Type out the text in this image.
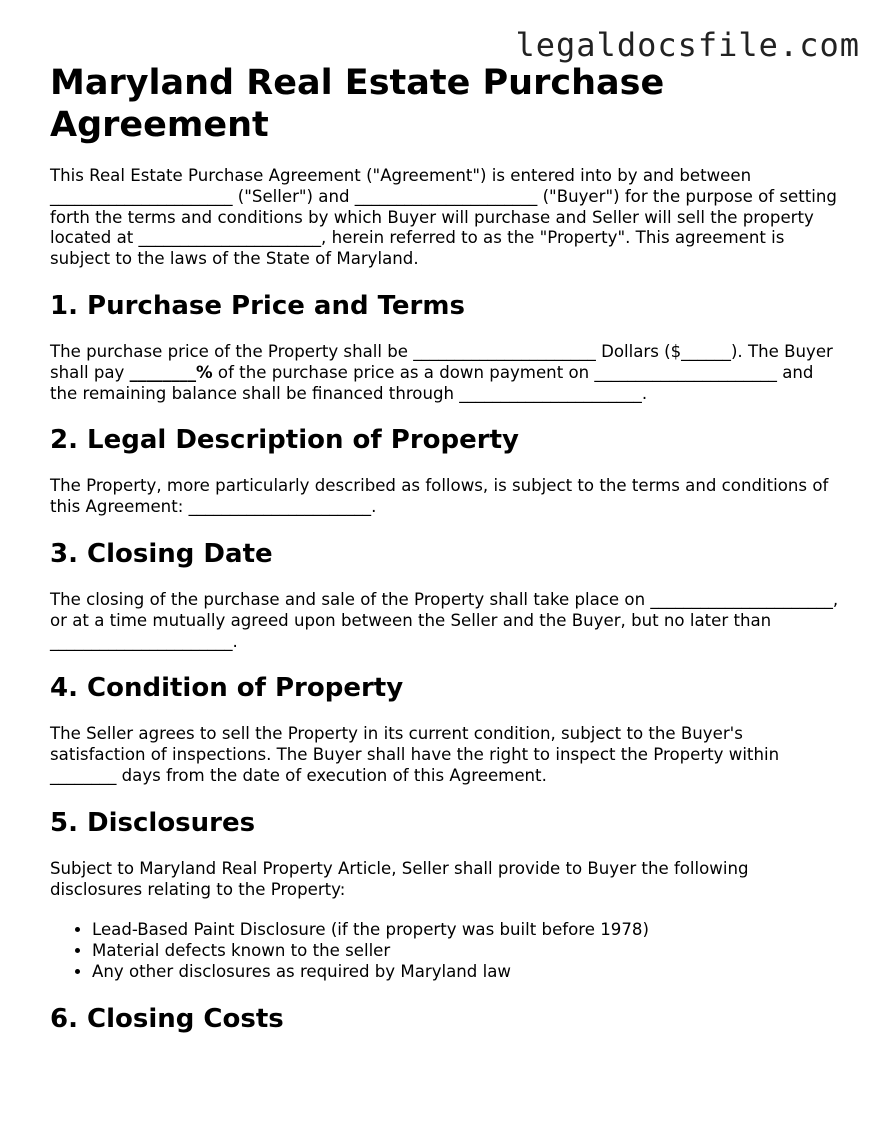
legaldocsfile.com
Maryland Real Estate Purchase Agreement

This Real Estate Purchase Agreement ("Agreement") is entered into by and between ______________________ ("Seller") and ______________________ ("Buyer") for the purpose of setting forth the terms and conditions by which Buyer will purchase and Seller will sell the property located at ______________________, herein referred to as the "Property". This agreement is subject to the laws of the State of Maryland.

1. Purchase Price and Terms

The purchase price of the Property shall be ______________________ Dollars ($______). The Buyer shall pay ________% of the purchase price as a down payment on ______________________ and the remaining balance shall be financed through ______________________.

2. Legal Description of Property

The Property, more particularly described as follows, is subject to the terms and conditions of this Agreement: ______________________.

3. Closing Date

The closing of the purchase and sale of the Property shall take place on ______________________, or at a time mutually agreed upon between the Seller and the Buyer, but no later than ______________________.

4. Condition of Property

The Seller agrees to sell the Property in its current condition, subject to the Buyer's satisfaction of inspections. The Buyer shall have the right to inspect the Property within ________ days from the date of execution of this Agreement.

5. Disclosures

Subject to Maryland Real Property Article, Seller shall provide to Buyer the following disclosures relating to the Property:

• Lead-Based Paint Disclosure (if the property was built before 1978)
• Material defects known to the seller
• Any other disclosures as required by Maryland law
6. Closing Costs
